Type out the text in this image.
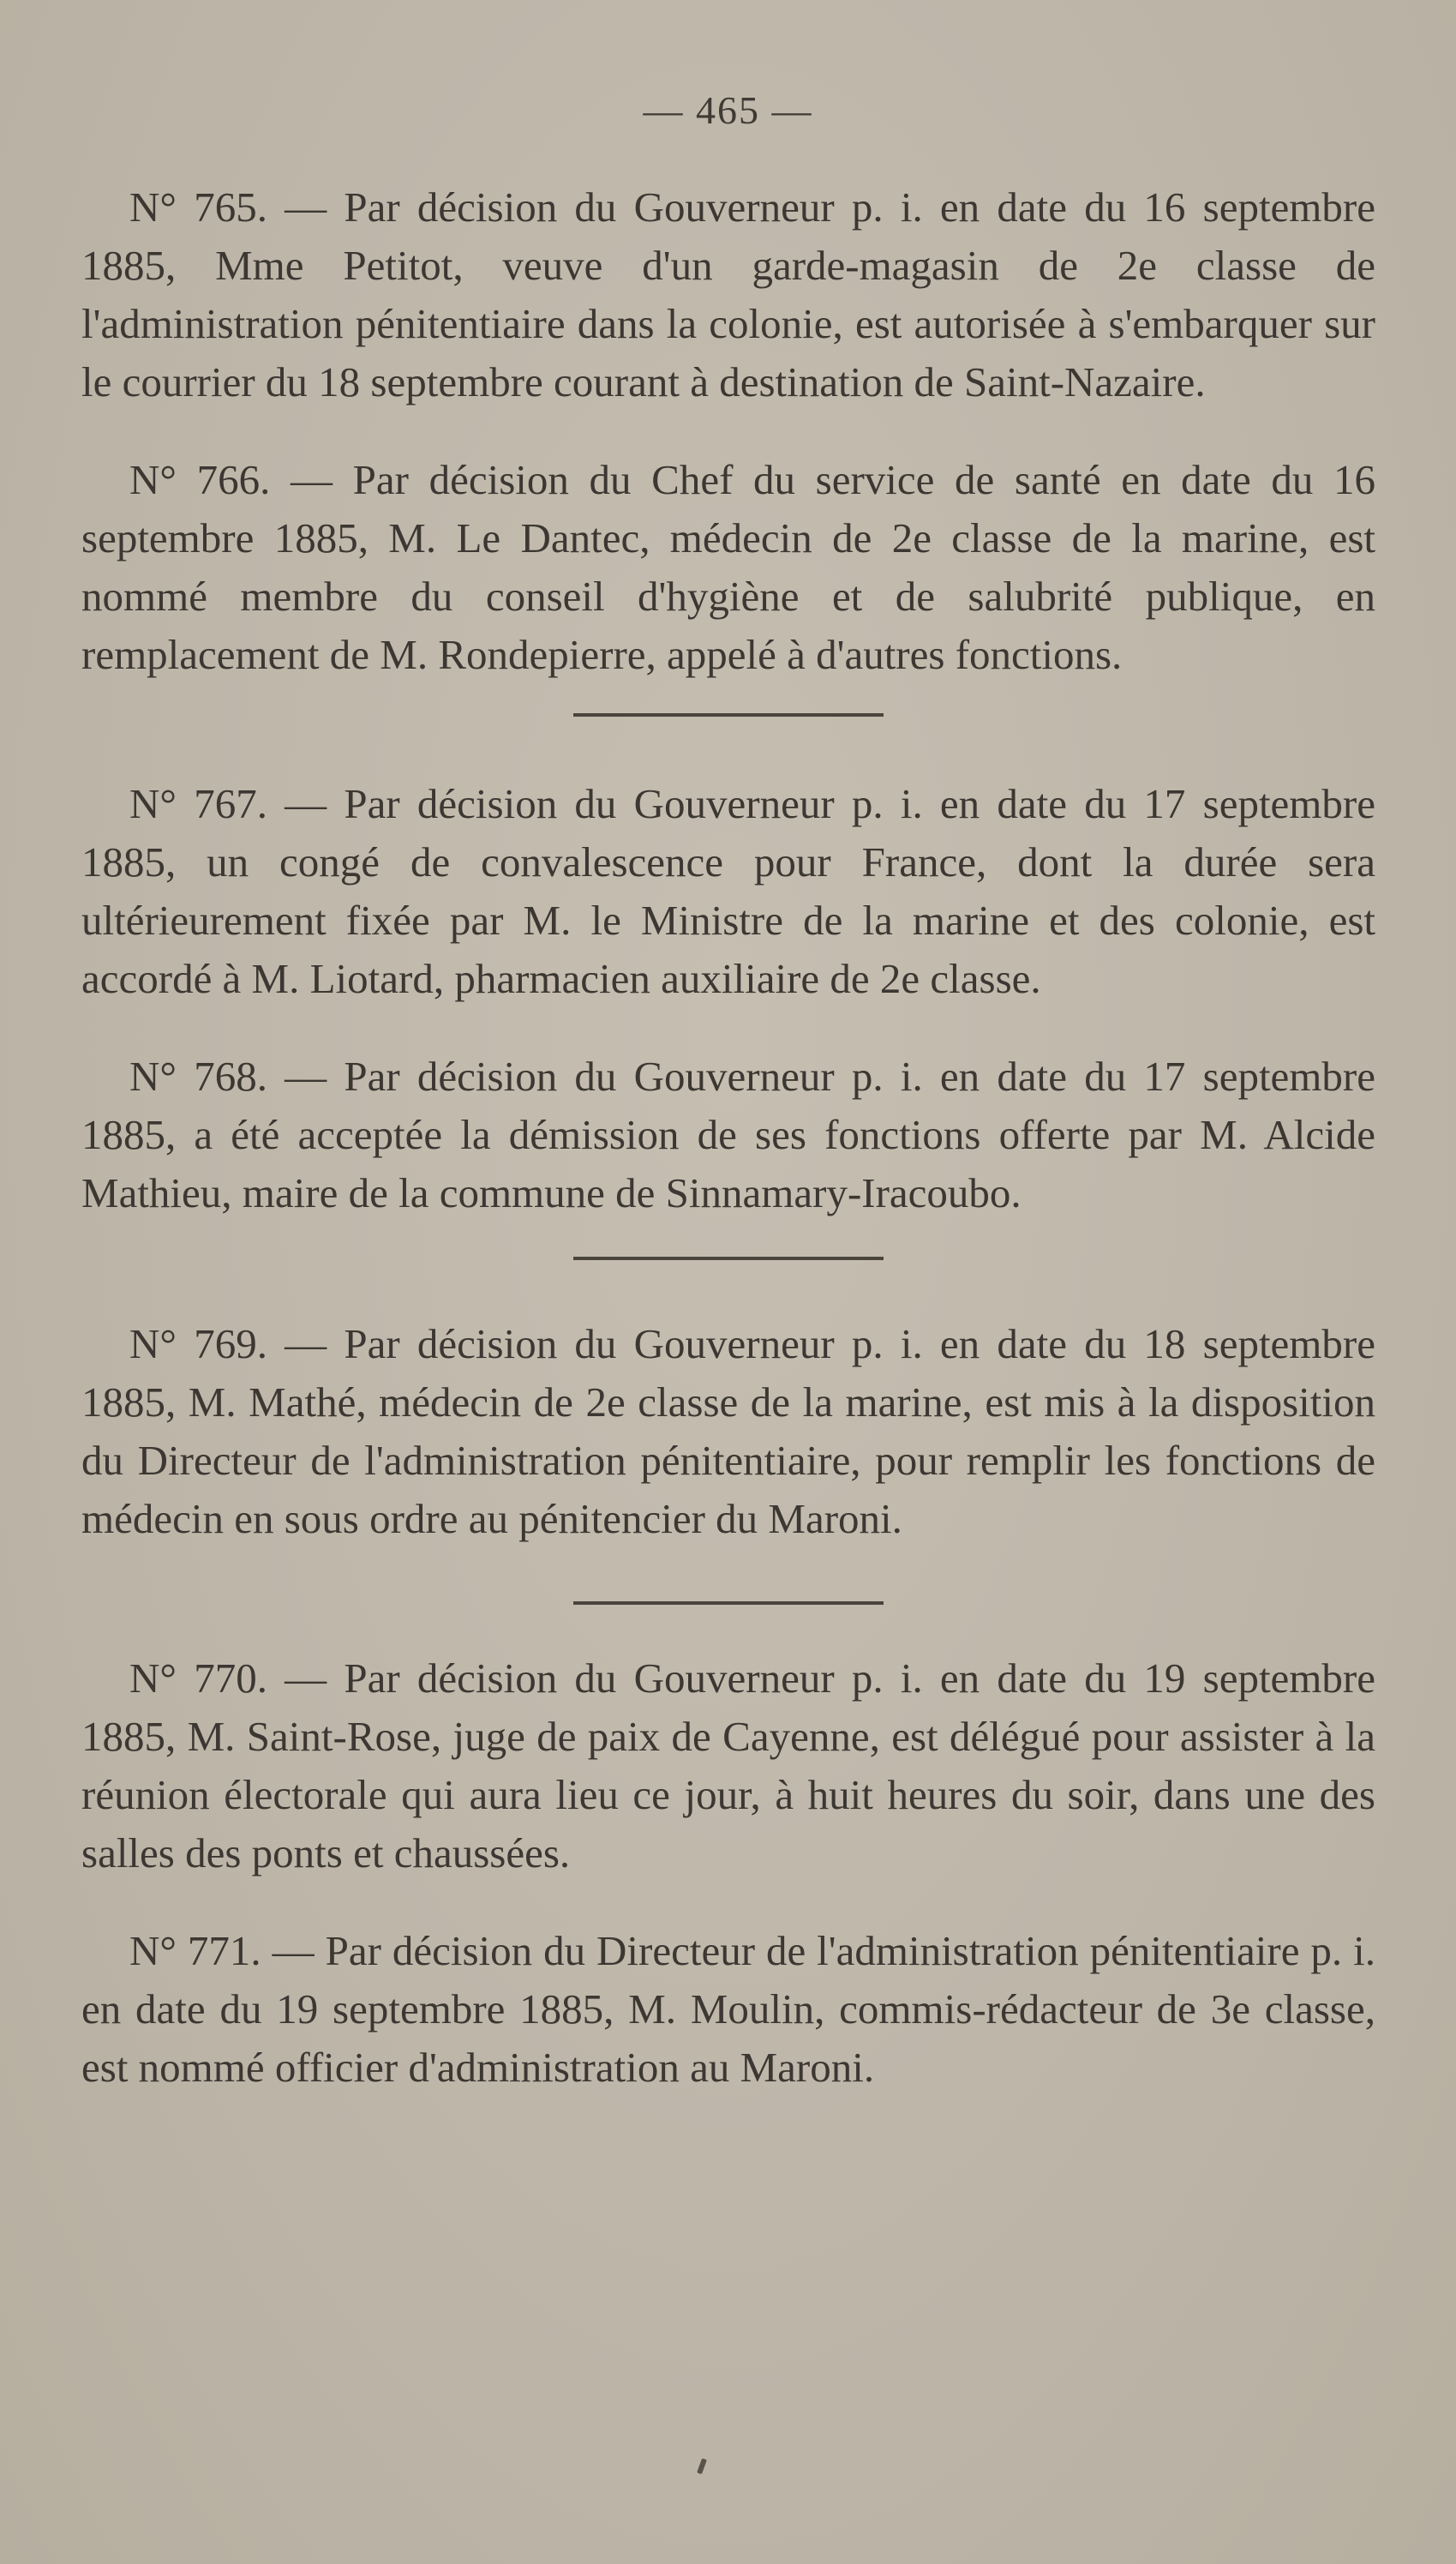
— 465 —

N° 765. — Par décision du Gouverneur p. i. en date du 16 septembre 1885, Mme Petitot, veuve d'un garde-magasin de 2e classe de l'administration pénitentiaire dans la colonie, est autorisée à s'embarquer sur le courrier du 18 septembre courant à destination de Saint-Nazaire.

N° 766. — Par décision du Chef du service de santé en date du 16 septembre 1885, M. Le Dantec, médecin de 2e classe de la marine, est nommé membre du conseil d'hygiène et de salubrité publique, en remplacement de M. Rondepierre, appelé à d'autres fonctions.

N° 767. — Par décision du Gouverneur p. i. en date du 17 septembre 1885, un congé de convalescence pour France, dont la durée sera ultérieurement fixée par M. le Ministre de la marine et des colonie, est accordé à M. Liotard, pharmacien auxiliaire de 2e classe.

N° 768. — Par décision du Gouverneur p. i. en date du 17 septembre 1885, a été acceptée la démission de ses fonctions offerte par M. Alcide Mathieu, maire de la commune de Sinnamary-Iracoubo.

N° 769. — Par décision du Gouverneur p. i. en date du 18 septembre 1885, M. Mathé, médecin de 2e classe de la marine, est mis à la disposition du Directeur de l'administration pénitentiaire, pour remplir les fonctions de médecin en sous ordre au pénitencier du Maroni.

N° 770. — Par décision du Gouverneur p. i. en date du 19 septembre 1885, M. Saint-Rose, juge de paix de Cayenne, est délégué pour assister à la réunion électorale qui aura lieu ce jour, à huit heures du soir, dans une des salles des ponts et chaussées.

N° 771. — Par décision du Directeur de l'administration pénitentiaire p. i. en date du 19 septembre 1885, M. Moulin, commis-rédacteur de 3e classe, est nommé officier d'administration au Maroni.
